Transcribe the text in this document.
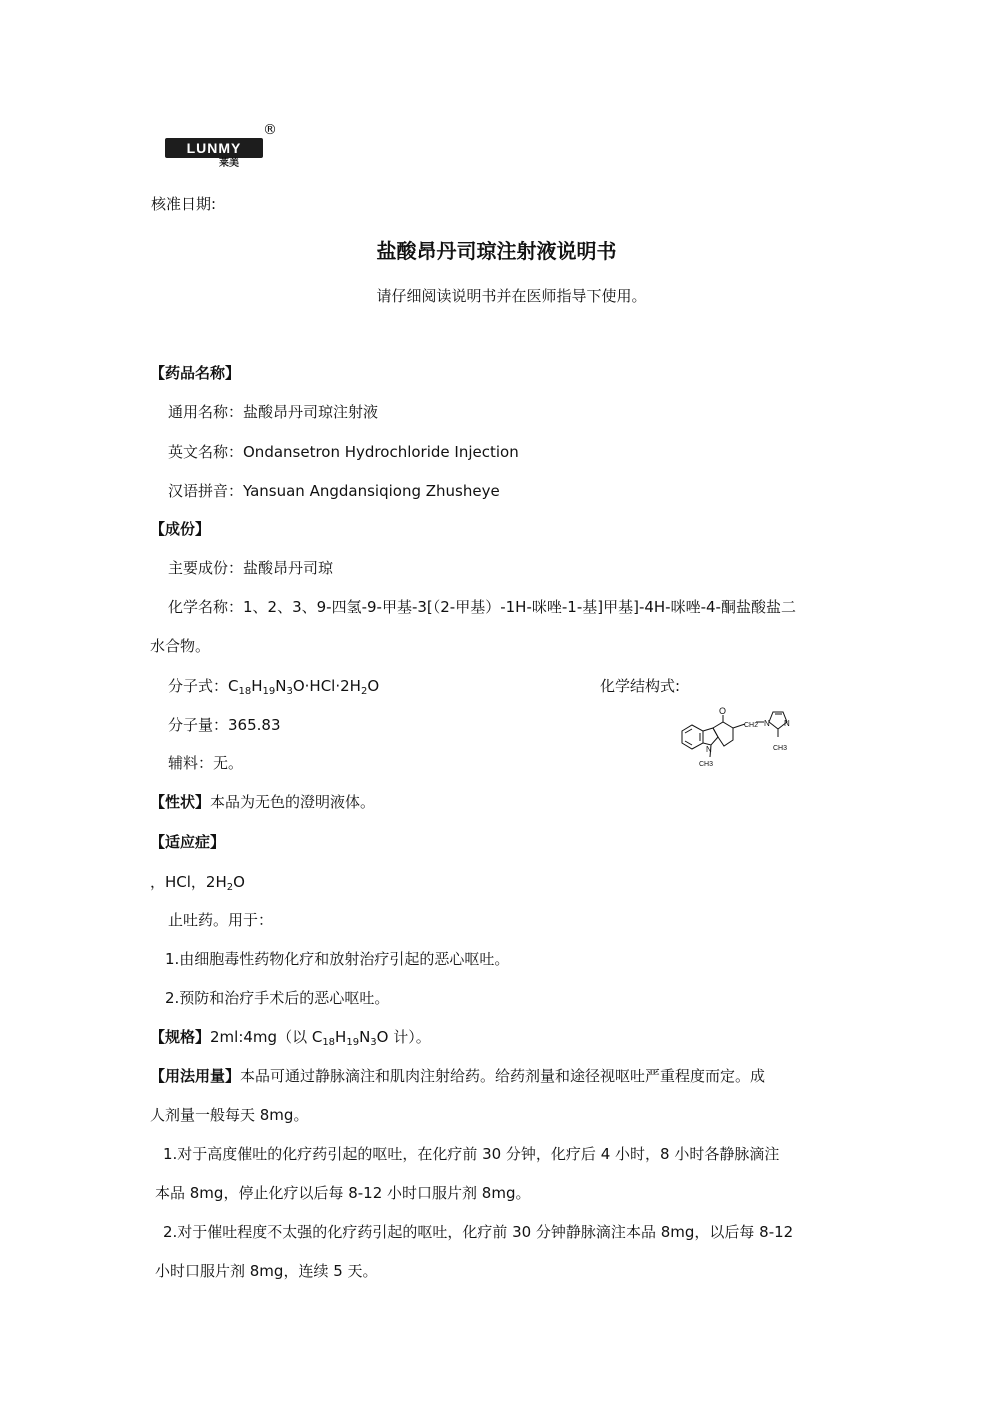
LUNMY
莱美
®
核准日期:
盐酸昂丹司琼注射液说明书
请仔细阅读说明书并在医师指导下使用。
【药品名称】
通用名称：盐酸昂丹司琼注射液
英文名称：Ondansetron Hydrochloride Injection
汉语拼音：Yansuan Angdansiqiong Zhusheye
【成份】
主要成份：盐酸昂丹司琼
化学名称：1、2、3、9-四氢-9-甲基-3[（2-甲基）-1H-咪唑-1-基]甲基]-4H-咪唑-4-酮盐酸盐二
水合物。
分子式：$C_{18}H_{19}N_3O\cdot HCl\cdot 2H_2O$	化学结构式:
O
N
CH3
CH2 N N
CH3
分子量：365.83
辅料：无。
【性状】本品为无色的澄明液体。
【适应症】
，HCl，$2H_2O$
止吐药。用于：
1.由细胞毒性药物化疗和放射治疗引起的恶心呕吐。
2.预防和治疗手术后的恶心呕吐。
【规格】2ml:4mg（以 $C_{18}H_{19}N_3O$ 计）。
【用法用量】本品可通过静脉滴注和肌肉注射给药。给药剂量和途径视呕吐严重程度而定。成
人剂量一般每天 8mg。
1.对于高度催吐的化疗药引起的呕吐，在化疗前 30 分钟，化疗后 4 小时，8 小时各静脉滴注
本品 8mg，停止化疗以后每 8-12 小时口服片剂 8mg。
2.对于催吐程度不太强的化疗药引起的呕吐，化疗前 30 分钟静脉滴注本品 8mg，以后每 8-12
小时口服片剂 8mg，连续 5 天。
